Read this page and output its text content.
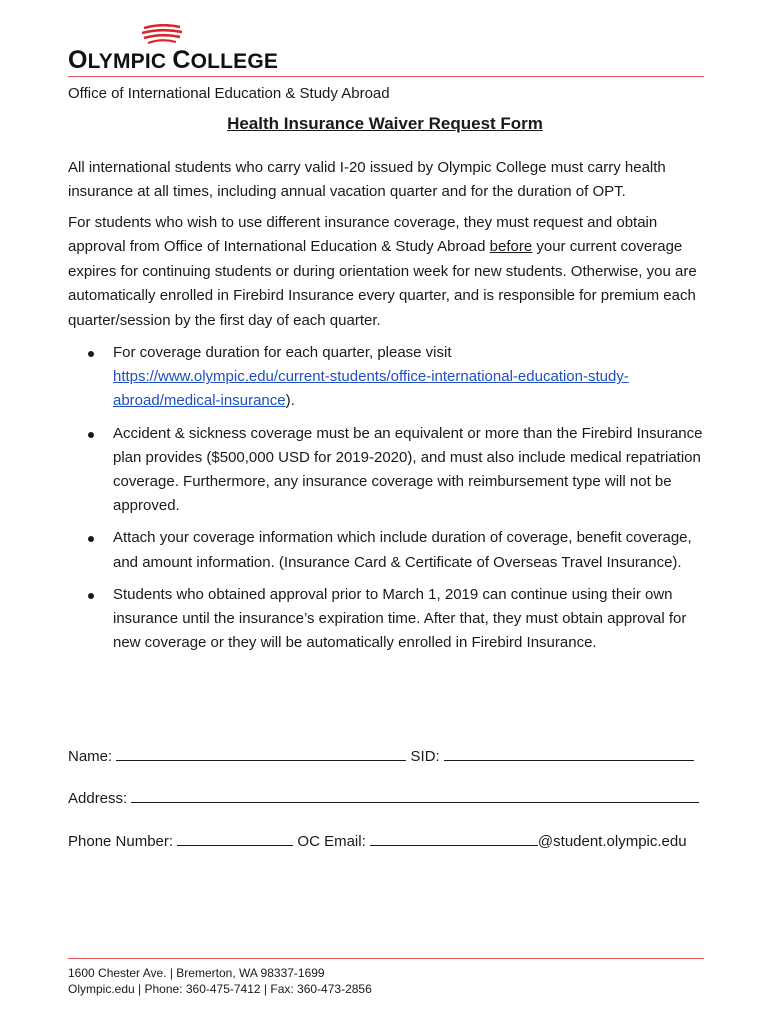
OLYMPIC COLLEGE
Office of International Education & Study Abroad
Health Insurance Waiver Request Form

All international students who carry valid I-20 issued by Olympic College must carry health insurance at all times, including annual vacation quarter and for the duration of OPT.

For students who wish to use different insurance coverage, they must request and obtain approval from Office of International Education & Study Abroad before your current coverage expires for continuing students or during orientation week for new students. Otherwise, you are automatically enrolled in Firebird Insurance every quarter, and is responsible for premium each quarter/session by the first day of each quarter.

For coverage duration for each quarter, please visit
https://www.olympic.edu/current-students/office-international-education-study-
abroad/medical-insurance).
Accident & sickness coverage must be an equivalent or more than the Firebird Insurance plan provides ($500,000 USD for 2019-2020), and must also include medical repatriation coverage. Furthermore, any insurance coverage with reimbursement type will not be approved.
Attach your coverage information which include duration of coverage, benefit coverage, and amount information. (Insurance Card & Certificate of Overseas Travel Insurance).
Students who obtained approval prior to March 1, 2019 can continue using their own insurance until the insurance’s expiration time. After that, they must obtain approval for new coverage or they will be automatically enrolled in Firebird Insurance.
Name:	SID:
Address:
Phone Number:	OC Email:	@student.olympic.edu
1600 Chester Ave. | Bremerton, WA 98337-1699
Olympic.edu | Phone: 360-475-7412 | Fax: 360-473-2856
